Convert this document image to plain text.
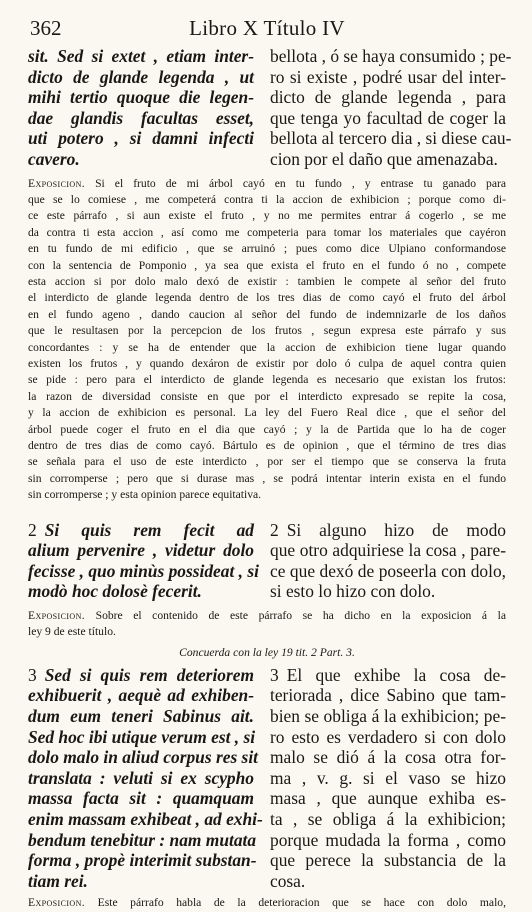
362	Libro X Título IV
sit. Sed si extet , etiam inter-
dicto de glande legenda , ut
mihi tertio quoque die legen-
dae glandis facultas esset,
uti potero , si damni infecti
cavero.
bellota , ó se haya consumido ; pe-
ro si existe , podré usar del inter-
dicto de glande legenda , para
que tenga yo facultad de coger la
bellota al tercero dia , si diese cau-
cion por el daño que amenazaba.
Exposicion. Si el fruto de mi árbol cayó en tu fundo , y entrase tu ganado para
que se lo comiese , me competerá contra ti la accion de exhibicion ; porque como di-
ce este párrafo , si aun existe el fruto , y no me permites entrar á cogerlo , se me
da contra ti esta accion , así como me competeria para tomar los materiales que cayéron
en tu fundo de mi edificio , que se arruinó ; pues como dice Ulpiano conformandose
con la sentencia de Pomponio , ya sea que exista el fruto en el fundo ó no , compete
esta accion si por dolo malo dexó de existir : tambien le compete al señor del fruto
el interdicto de glande legenda dentro de los tres dias de como cayó el fruto del árbol
en el fundo ageno , dando caucion al señor del fundo de indemnizarle de los daños
que le resultasen por la percepcion de los frutos , segun expresa este párrafo y sus
concordantes : y se ha de entender que la accion de exhibicion tiene lugar quando
existen los frutos , y quando dexáron de existir por dolo ó culpa de aquel contra quien
se pide : pero para el interdicto de glande legenda es necesario que existan los frutos:
la razon de diversidad consiste en que por el interdicto expresado se repite la cosa,
y la accion de exhibicion es personal. La ley del Fuero Real dice , que el señor del
árbol puede coger el fruto en el dia que cayó ; y la de Partida que lo ha de coger
dentro de tres dias de como cayó. Bártulo es de opinion , que el término de tres dias
se señala para el uso de este interdicto , por ser el tiempo que se conserva la fruta
sin corromperse ; pero que si durase mas , se podrá intentar interin exista en el fundo
sin corromperse ; y esta opinion parece equitativa.
2 Si quis rem fecit ad
alium pervenire , videtur dolo
fecisse , quo minùs possideat , si
modò hoc dolosè fecerit.
2 Si alguno hizo de modo
que otro adquiriese la cosa , pare-
ce que dexó de poseerla con dolo,
si esto lo hizo con dolo.
Exposicion. Sobre el contenido de este párrafo se ha dicho en la exposicion á la
ley 9 de este título.
Concuerda con la ley 19 tit. 2 Part. 3.
3 Sed si quis rem deteriorem
exhibuerit , aequè ad exhiben-
dum eum teneri Sabinus ait.
Sed hoc ibi utique verum est , si
dolo malo in aliud corpus res sit
translata : veluti si ex scypho
massa facta sit : quamquam
enim massam exhibeat , ad exhi-
bendum tenebitur : nam mutata
forma , propè interimit substan-
tiam rei.
3 El que exhibe la cosa de-
teriorada , dice Sabino que tam-
bien se obliga á la exhibicion; pe-
ro esto es verdadero si con dolo
malo se dió á la cosa otra for-
ma , v. g. si el vaso se hizo
masa , que aunque exhiba es-
ta , se obliga á la exhibicion;
porque mudada la forma , como
que perece la substancia de la
cosa.
Exposicion. Este párrafo habla de la deterioracion que se hace con dolo malo,
